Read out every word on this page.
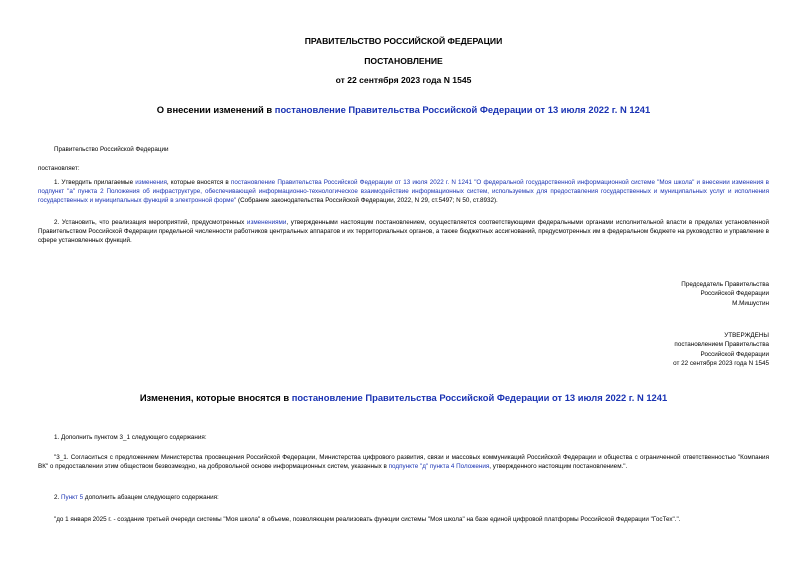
ПРАВИТЕЛЬСТВО РОССИЙСКОЙ ФЕДЕРАЦИИ
ПОСТАНОВЛЕНИЕ
от 22 сентября 2023 года N 1545
О внесении изменений в постановление Правительства Российской Федерации от 13 июля 2022 г. N 1241
Правительство Российской Федерации
постановляет:
1. Утвердить прилагаемые изменения, которые вносятся в постановление Правительства Российской Федерации от 13 июля 2022 г. N 1241 "О федеральной государственной информационной системе "Моя школа" и внесении изменения в подпункт "а" пункта 2 Положения об инфраструктуре, обеспечивающей информационно-технологическое взаимодействие информационных систем, используемых для предоставления государственных и муниципальных услуг и исполнения государственных и муниципальных функций в электронной форме" (Собрание законодательства Российской Федерации, 2022, N 29, ст.5497; N 50, ст.8932).
2. Установить, что реализация мероприятий, предусмотренных изменениями, утвержденными настоящим постановлением, осуществляется соответствующими федеральными органами исполнительной власти в пределах установленной Правительством Российской Федерации предельной численности работников центральных аппаратов и их территориальных органов, а также бюджетных ассигнований, предусмотренных им в федеральном бюджете на руководство и управление в сфере установленных функций.
Председатель Правительства
Российской Федерации
М.Мишустин
УТВЕРЖДЕНЫ
постановлением Правительства
Российской Федерации
от 22 сентября 2023 года N 1545
Изменения, которые вносятся в постановление Правительства Российской Федерации от 13 июля 2022 г. N 1241
1. Дополнить пунктом 3_1 следующего содержания:
"3_1. Согласиться с предложением Министерства просвещения Российской Федерации, Министерства цифрового развития, связи и массовых коммуникаций Российской Федерации и общества с ограниченной ответственностью "Компания ВК" о предоставлении этим обществом безвозмездно, на добровольной основе информационных систем, указанных в подпункте "д" пункта 4 Положения, утвержденного настоящим постановлением.".
2. Пункт 5 дополнить абзацем следующего содержания:
"до 1 января 2025 г. - создание третьей очереди системы "Моя школа" в объеме, позволяющем реализовать функции системы "Моя школа" на базе единой цифровой платформы Российской Федерации "ГосТех".".
